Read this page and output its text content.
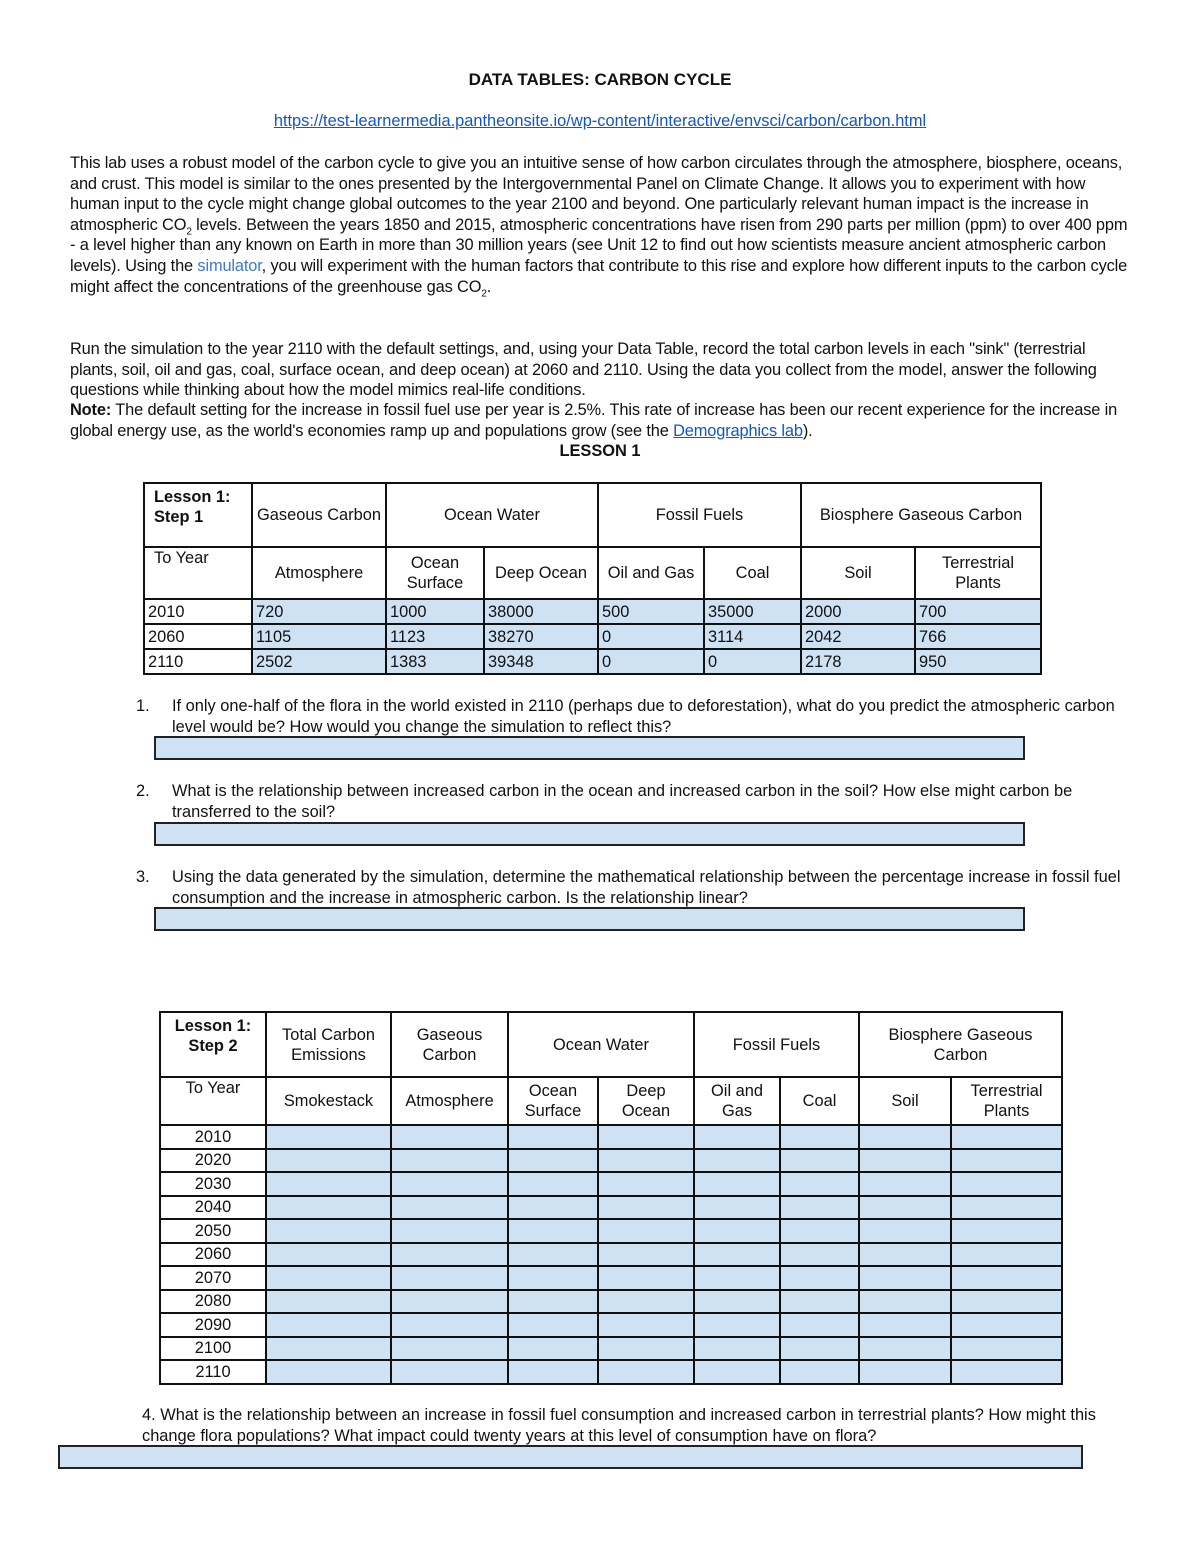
DATA TABLES: CARBON CYCLE
https://test-learnermedia.pantheonsite.io/wp-content/interactive/envsci/carbon/carbon.html
This lab uses a robust model of the carbon cycle to give you an intuitive sense of how carbon circulates through the atmosphere, biosphere, oceans, and crust. This model is similar to the ones presented by the Intergovernmental Panel on Climate Change. It allows you to experiment with how human input to the cycle might change global outcomes to the year 2100 and beyond. One particularly relevant human impact is the increase in atmospheric $CO_2$ levels. Between the years 1850 and 2015, atmospheric concentrations have risen from 290 parts per million (ppm) to over 400 ppm - a level higher than any known on Earth in more than 30 million years (see Unit 12 to find out how scientists measure ancient atmospheric carbon levels). Using the simulator, you will experiment with the human factors that contribute to this rise and explore how different inputs to the carbon cycle might affect the concentrations of the greenhouse gas $CO_2$.
Run the simulation to the year 2110 with the default settings, and, using your Data Table, record the total carbon levels in each "sink" (terrestrial plants, soil, oil and gas, coal, surface ocean, and deep ocean) at 2060 and 2110. Using the data you collect from the model, answer the following questions while thinking about how the model mimics real-life conditions.
Note: The default setting for the increase in fossil fuel use per year is 2.5%. This rate of increase has been our recent experience for the increase in global energy use, as the world's economies ramp up and populations grow (see the Demographics lab).
LESSON 1
Lesson 1: Step 1	Gaseous Carbon	Ocean Water		Fossil Fuels		Biosphere Gaseous Carbon	
To Year	Atmosphere	Ocean Surface	Deep Ocean	Oil and Gas	Coal	Soil	Terrestrial Plants
2010	720	1000	38000	500	35000	2000	700
2060	1105	1123	38270	0	3114	2042	766
2110	2502	1383	39348	0	0	2178	950
1. If only one-half of the flora in the world existed in 2110 (perhaps due to deforestation), what do you predict the atmospheric carbon level would be? How would you change the simulation to reflect this?
2. What is the relationship between increased carbon in the ocean and increased carbon in the soil? How else might carbon be transferred to the soil?
3. Using the data generated by the simulation, determine the mathematical relationship between the percentage increase in fossil fuel consumption and the increase in atmospheric carbon. Is the relationship linear?
Lesson 1: Step 2	Total Carbon Emissions	Gaseous Carbon	Ocean Water		Fossil Fuels		Biosphere Gaseous Carbon	
To Year	Smokestack	Atmosphere	Ocean Surface	Deep Ocean	Oil and Gas	Coal	Soil	Terrestrial Plants
2010								
2020								
2030								
2040								
2050								
2060								
2070								
2080								
2090								
2100								
2110								
4. What is the relationship between an increase in fossil fuel consumption and increased carbon in terrestrial plants? How might this change flora populations? What impact could twenty years at this level of consumption have on flora?
